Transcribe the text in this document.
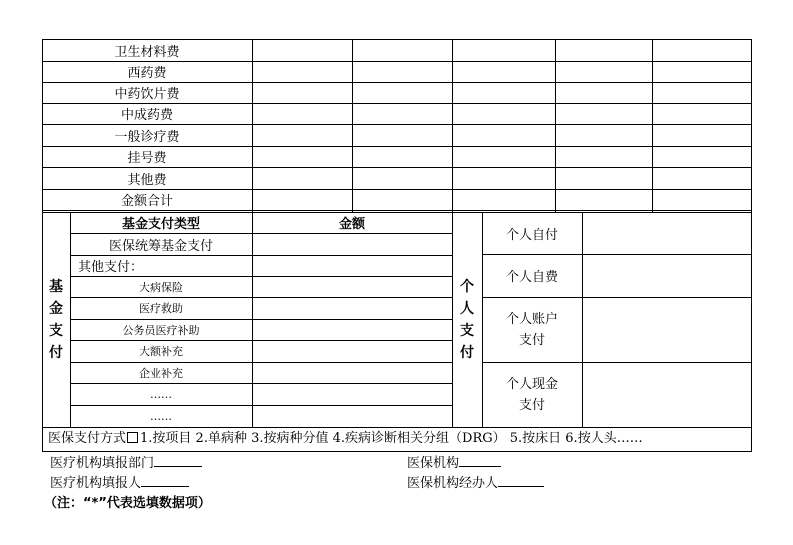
卫生材料费
西药费
中药饮片费
中成药费
一般诊疗费
挂号费
其他费
金额合计
基
金
支
付
基金支付类型	金额
医保统筹基金支付
其他支付：
大病保险
医疗救助
公务员医疗补助
大额补充
企业补充
……
……
个
人
支
付
个人自付
个人自费
个人账户
支付
个人现金
支付
医保支付方式 1.按项目 2.单病种 3.按病种分值 4.疾病诊断相关分组（DRG） 5.按床日 6.按人头……
医疗机构填报部门	医保机构
医疗机构填报人	医保机构经办人
（注：“*”代表选填数据项）
